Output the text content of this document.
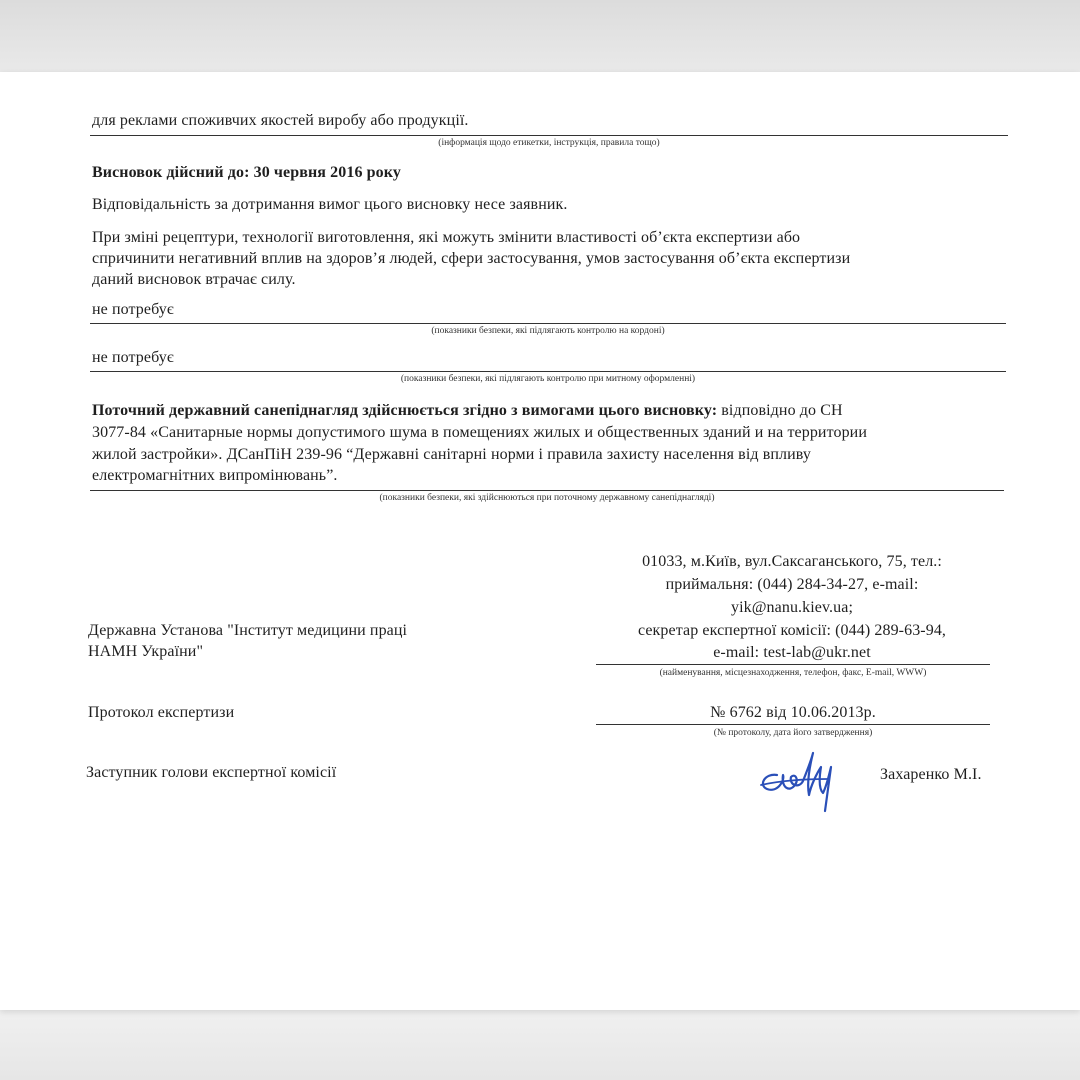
для реклами споживчих якостей виробу або продукції.
(інформація щодо етикетки, інструкція, правила тощо)
Висновок дійсний до: 30 червня 2016 року
Відповідальність за дотримання вимог цього висновку несе заявник.
При зміні рецептури, технології виготовлення, які можуть змінити властивості об’єкта експертизи або
спричинити негативний вплив на здоров’я людей, сфери застосування, умов застосування об’єкта експертизи
даний висновок втрачає силу.
не потребує
(показники безпеки, які підлягають контролю на кордоні)
не потребує
(показники безпеки, які підлягають контролю при митному оформленні)
Поточний державний санепіднагляд здійснюється згідно з вимогами цього висновку: відповідно до СН
3077-84 «Санитарные нормы допустимого шума в помещениях жилых и общественных зданий и на территории
жилой застройки». ДСанПіН 239-96 “Державні санітарні норми і правила захисту населення від впливу
електромагнітних випромінювань”.
(показники безпеки, які здійснюються при поточному державному санепіднагляді)
01033, м.Київ, вул.Саксаганського, 75, тел.:
приймальня: (044) 284-34-27, e-mail:
yik@nanu.kiev.ua;
секретар експертної комісії: (044) 289-63-94,
e-mail: test-lab@ukr.net
(найменування, місцезнаходження, телефон, факс, E-mail, WWW)
Державна Установа "Інститут медицини праці
НАМН України"
Протокол експертизи	№ 6762 від 10.06.2013р.
(№ протоколу, дата його затвердження)
Заступник голови експертної комісії	Захаренко М.І.
